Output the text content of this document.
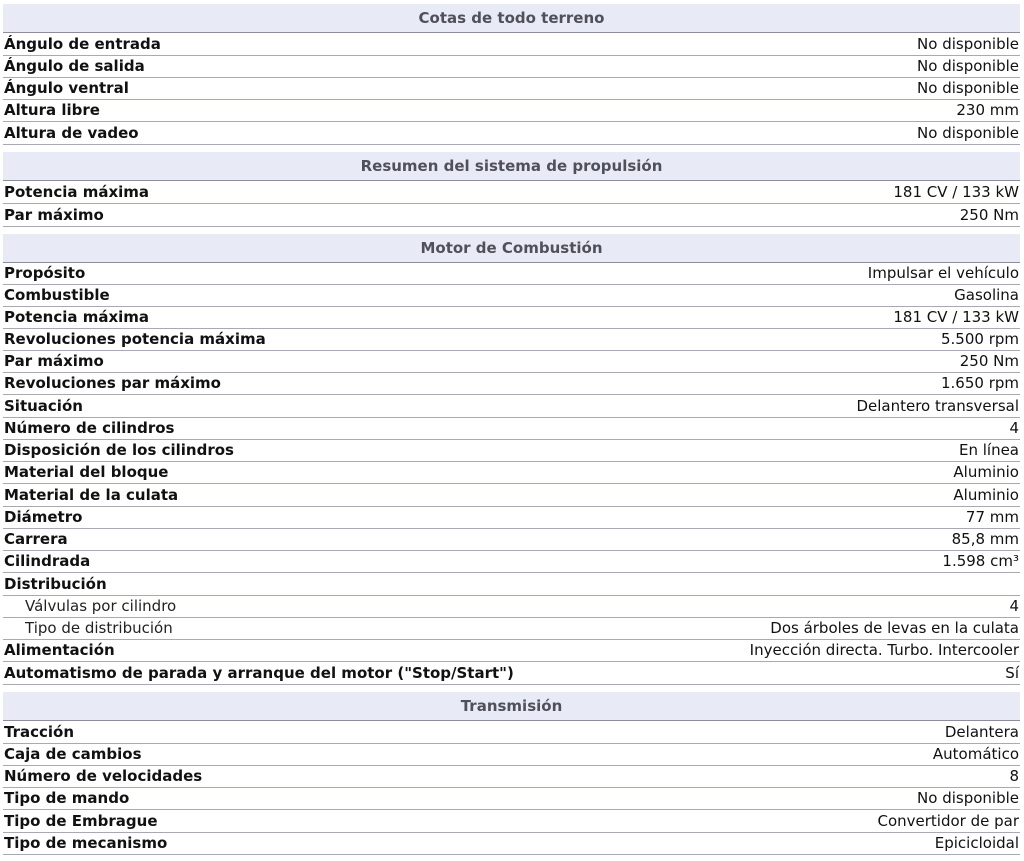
Cotas de todo terreno
Ángulo de entrada	No disponible
Ángulo de salida	No disponible
Ángulo ventral	No disponible
Altura libre	230 mm
Altura de vadeo	No disponible
Resumen del sistema de propulsión
Potencia máxima	181 CV / 133 kW
Par máximo	250 Nm
Motor de Combustión
Propósito	Impulsar el vehículo
Combustible	Gasolina
Potencia máxima	181 CV / 133 kW
Revoluciones potencia máxima	5.500 rpm
Par máximo	250 Nm
Revoluciones par máximo	1.650 rpm
Situación	Delantero transversal
Número de cilindros	4
Disposición de los cilindros	En línea
Material del bloque	Aluminio
Material de la culata	Aluminio
Diámetro	77 mm
Carrera	85,8 mm
Cilindrada	1.598 cm³
Distribución
Válvulas por cilindro	4
Tipo de distribución	Dos árboles de levas en la culata
Alimentación	Inyección directa. Turbo. Intercooler
Automatismo de parada y arranque del motor ("Stop/Start")	Sí
Transmisión
Tracción	Delantera
Caja de cambios	Automático
Número de velocidades	8
Tipo de mando	No disponible
Tipo de Embrague	Convertidor de par
Tipo de mecanismo	Epicicloidal
